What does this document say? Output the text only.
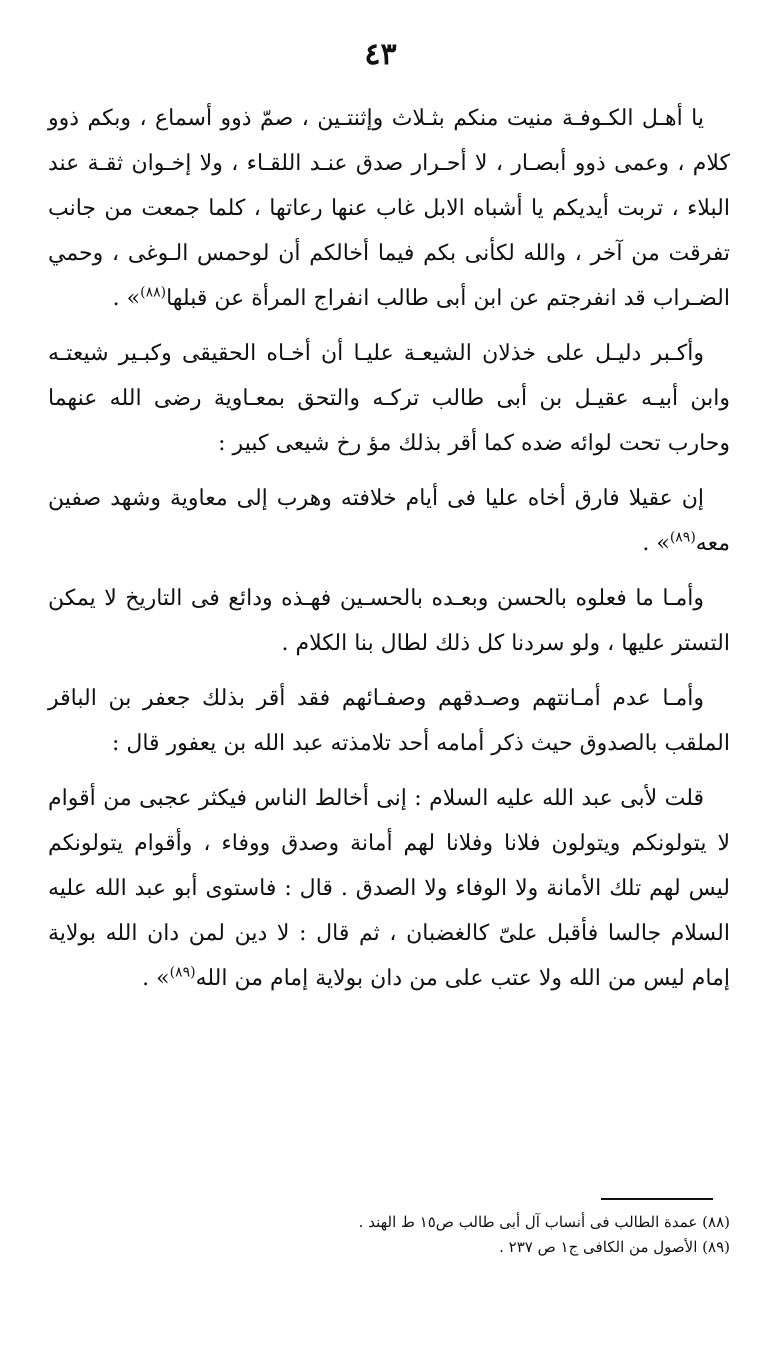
٤٣

يا أهـل الكـوفـة منيت منكم بثـلاث وإثنتـين ، صمّ ذوو أسماع ، وبكم ذوو كلام ، وعمى ذوو أبصـار ، لا أحـرار صدق عنـد اللقـاء ، ولا إخـوان ثقـة عند البلاء ، تربت أيديكم يا أشباه الابل غاب عنها رعاتها ، كلما جمعت من جانب تفرقت من آخر ، والله لكأنى بكم فيما أخالكم أن لوحمس الـوغى ، وحمي الضـراب قد انفرجتم عن ابن أبى طالب انفراج المرأة عن قبلها$^{(٨٨)}$» .

وأكـبر دليـل على خذلان الشيعـة عليـا أن أخـاه الحقيقى وكبـير شيعتـه وابن أبيـه عقيـل بن أبى طالب تركـه والتحق بمعـاوية رضى الله عنهما وحارب تحت لوائه ضده كما أقر بذلك مؤ رخ شيعى كبير :

إن عقيلا فارق أخاه عليا فى أيام خلافته وهرب إلى معاوية وشهد صفين معه$^{(٨٩)}$» .

وأمـا ما فعلوه بالحسن وبعـده بالحسـين فهـذه ودائع فى التاريخ لا يمكن التستر عليها ، ولو سردنا كل ذلك لطال بنا الكلام .

وأمـا عدم أمـانتهم وصـدقهم وصفـائهم فقد أقر بذلك جعفر بن الباقر الملقب بالصدوق حيث ذكر أمامه أحد تلامذته عبد الله بن يعفور قال :

قلت لأبى عبد الله عليه السلام : إنى أخالط الناس فيكثر عجبى من أقوام لا يتولونكم ويتولون فلانا وفلانا لهم أمانة وصدق ووفاء ، وأقوام يتولونكم ليس لهم تلك الأمانة ولا الوفاء ولا الصدق . قال : فاستوى أبو عبد الله عليه السلام جالسا فأقبل علىّ كالغضبان ، ثم قال : لا دين لمن دان الله بولاية إمام ليس من الله ولا عتب على من دان بولاية إمام من الله$^{(٨٩)}$» .

(٨٨) عمدة الطالب فى أنساب آل أبى طالب ص١٥ ط الهند .

(٨٩) الأصول من الكافى ج١ ص ٢٣٧ .
